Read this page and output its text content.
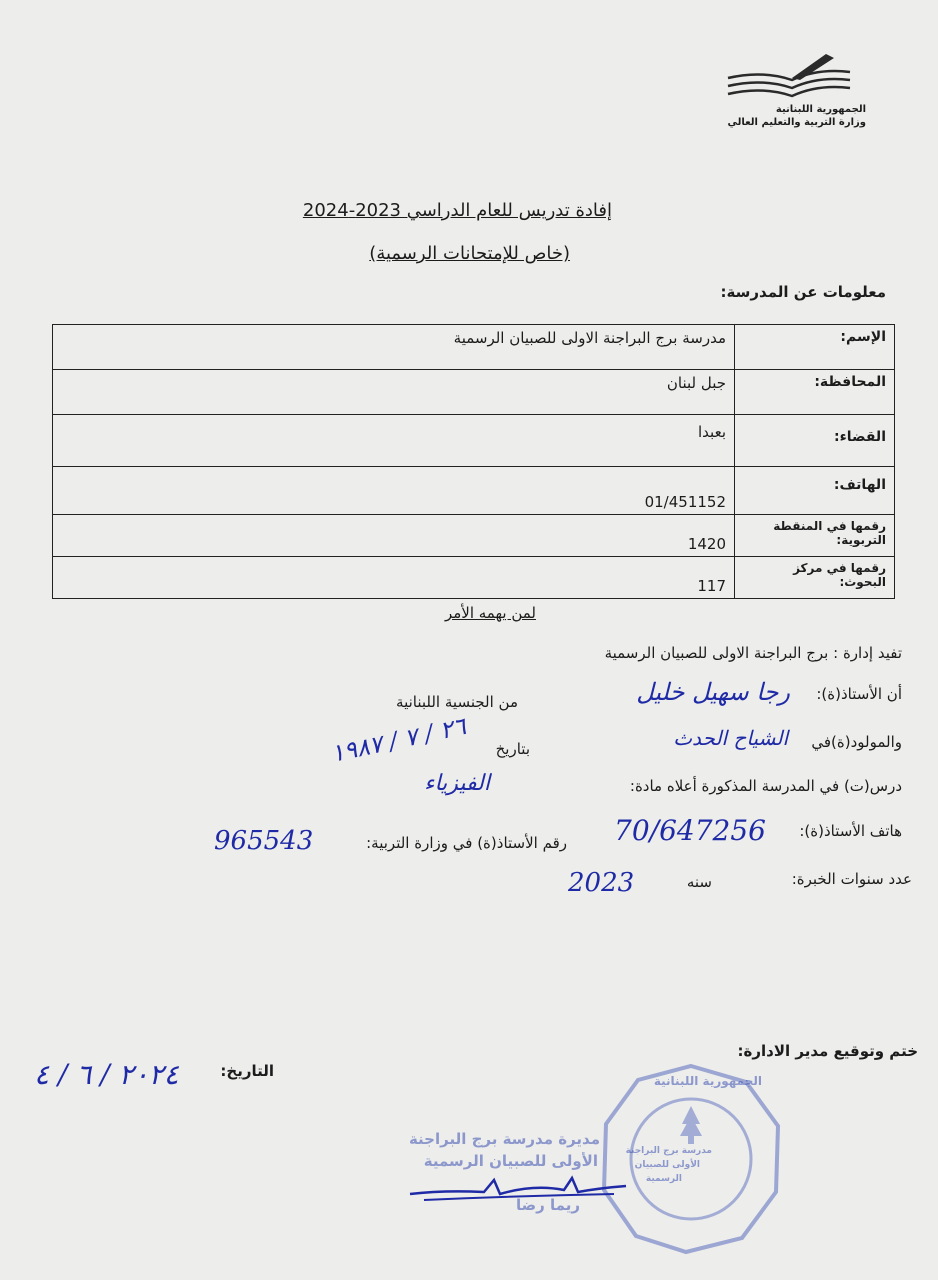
الجمهورية اللبنانية
وزارة التربية والتعليم العالي
إفادة تدريس للعام الدراسي 2023-2024
(خاص للإمتحانات الرسمية)
معلومات عن المدرسة:
الإسم:	مدرسة برج البراجنة الاولى للصبيان الرسمية
المحافظة:	جبل لبنان
القضاء:	بعبدا
الهاتف:	01/451152
رقمها في المنقطة التربوية:	1420
رقمها في مركز البحوث:	117
لمن يهمه الأمر
تفيد إدارة : برج البراجنة الاولى للصبيان الرسمية
أن الأستاذ(ة):
رجا سهيل خليل
من الجنسية اللبنانية
والمولود(ة)في
الشياح الحدث
بتاريخ
٢٦ / ٧ / ١٩٨٧
درس(ت) في المدرسة المذكورة أعلاه مادة:
الفيزياء
هاتف الأستاذ(ة):
70/647256
رقم الأستاذ(ة) في وزارة التربية:
965543
عدد سنوات الخبرة:
سنه
2023
ختم وتوقيع مدير الادارة:
التاريخ:
٢٠٢٤ / ٦ / ٤	الجمهورية اللبنانية
مدرسة برج البراجنة
الأولى للصبيان
الرسمية
مديرة مدرسة برج البراجنة
الأولى للصبيان الرسمية
ريما رضا
